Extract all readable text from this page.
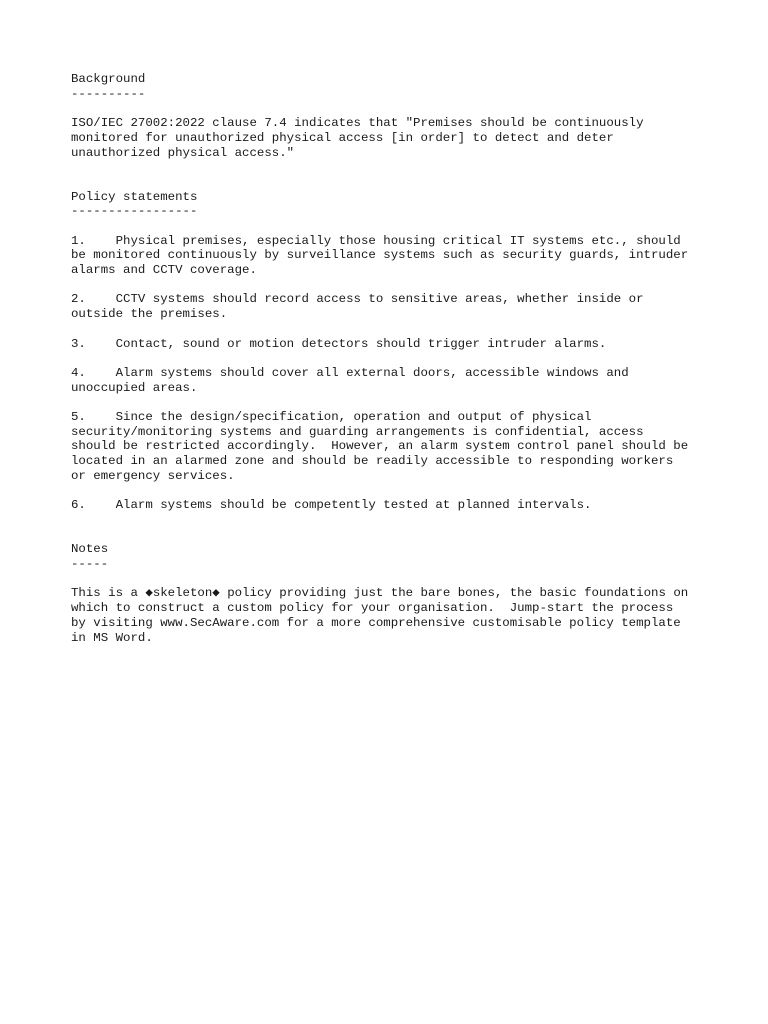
Background
----------
ISO/IEC 27002:2022 clause 7.4 indicates that "Premises should be continuously
monitored for unauthorized physical access [in order] to detect and deter
unauthorized physical access."
Policy statements
-----------------
1.    Physical premises, especially those housing critical IT systems etc., should
be monitored continuously by surveillance systems such as security guards, intruder
alarms and CCTV coverage.
2.    CCTV systems should record access to sensitive areas, whether inside or
outside the premises.
3.    Contact, sound or motion detectors should trigger intruder alarms.
4.    Alarm systems should cover all external doors, accessible windows and
unoccupied areas.
5.    Since the design/specification, operation and output of physical
security/monitoring systems and guarding arrangements is confidential, access
should be restricted accordingly.  However, an alarm system control panel should be
located in an alarmed zone and should be readily accessible to responding workers
or emergency services.
6.    Alarm systems should be competently tested at planned intervals.
Notes
-----
This is a ◆skeleton◆ policy providing just the bare bones, the basic foundations on
which to construct a custom policy for your organisation.  Jump-start the process
by visiting www.SecAware.com for a more comprehensive customisable policy template
in MS Word.
